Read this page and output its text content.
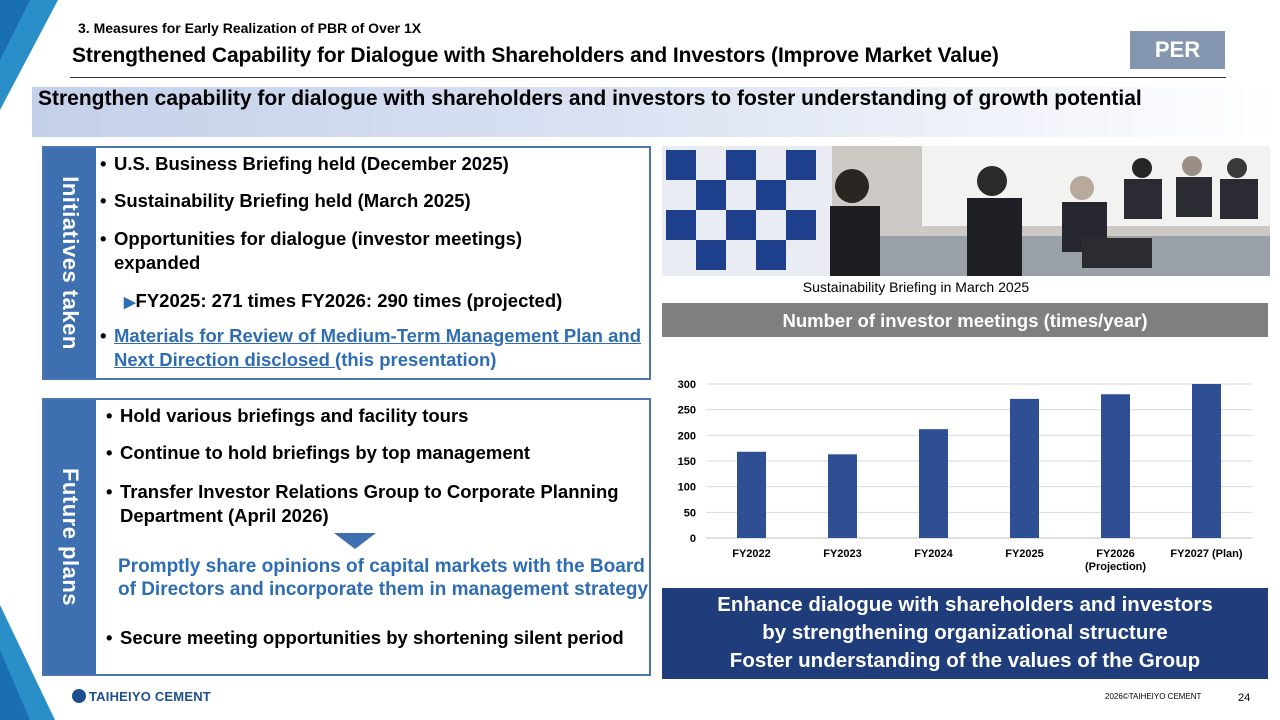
3. Measures for Early Realization of PBR of Over 1X
Strengthened Capability for Dialogue with Shareholders and Investors (Improve Market Value)	PER
Strengthen capability for dialogue with shareholders and investors to foster understanding of growth potential
Initiatives taken
• U.S. Business Briefing held (December 2025)
• Sustainability Briefing held (March 2025)
• Opportunities for dialogue (investor meetings) expanded
▶FY2025: 271 times FY2026: 290 times (projected)
• Materials for Review of Medium-Term Management Plan and Next Direction disclosed (this presentation)
Future plans
• Hold various briefings and facility tours
• Continue to hold briefings by top management
• Transfer Investor Relations Group to Corporate Planning Department (April 2026)
Promptly share opinions of capital markets with the Board of Directors and incorporate them in management strategy
• Secure meeting opportunities by shortening silent period
Sustainability Briefing in March 2025
Number of investor meetings (times/year)
0
50
100
150
200
250
300
FY2022	FY2023	FY2024	FY2025	FY2026
(Projection)
FY2027 (Plan)
Enhance dialogue with shareholders and investors
by strengthening organizational structure
Foster understanding of the values of the Group
TAIHEIYO CEMENT	2026©TAIHEIYO CEMENT	24
